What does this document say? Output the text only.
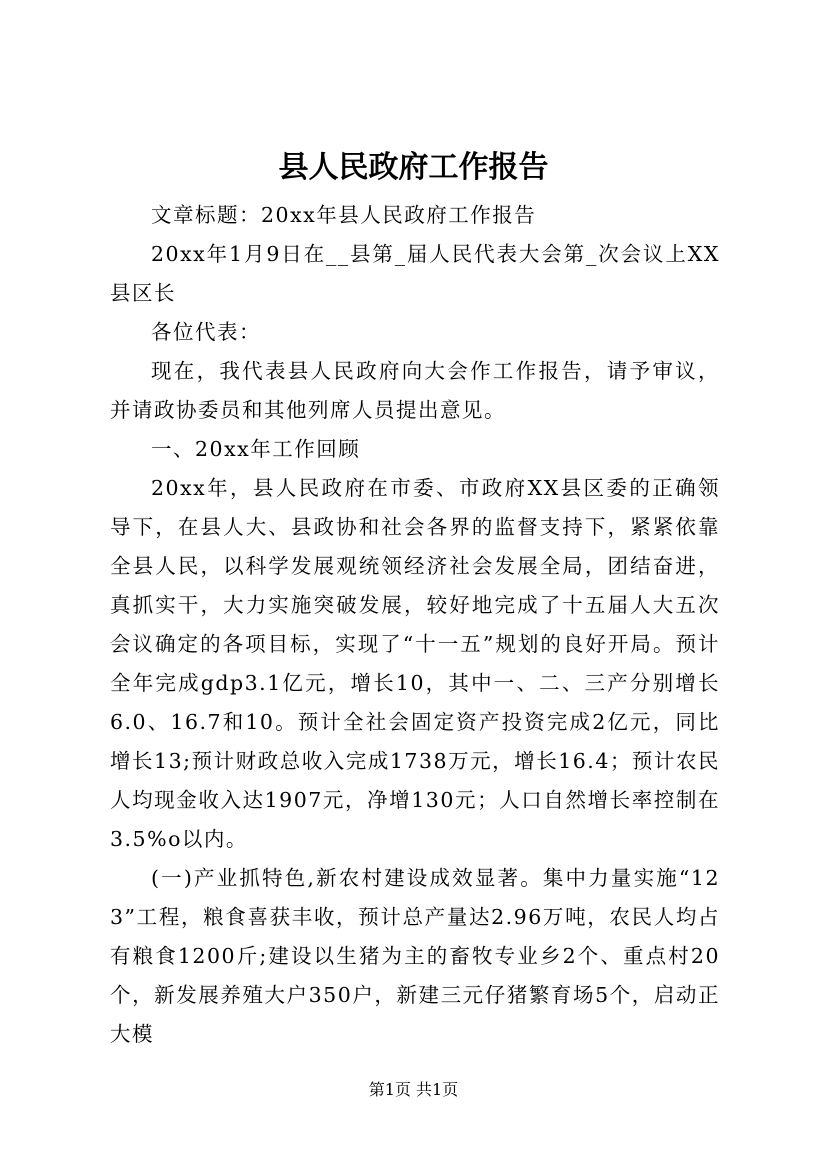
县人民政府工作报告

文章标题：20xx年县人民政府工作报告

20xx年1月9日在__县第_届人民代表大会第_次会议上XX县区长

各位代表：

现在，我代表县人民政府向大会作工作报告，请予审议，并请政协委员和其他列席人员提出意见。

一、20xx年工作回顾

20xx年，县人民政府在市委、市政府XX县区委的正确领导下，在县人大、县政协和社会各界的监督支持下，紧紧依靠全县人民，以科学发展观统领经济社会发展全局，团结奋进，真抓实干，大力实施突破发展，较好地完成了十五届人大五次会议确定的各项目标，实现了“十一五”规划的良好开局。预计全年完成gdp3.1亿元，增长10，其中一、二、三产分别增长6.0、16.7和10。预计全社会固定资产投资完成2亿元，同比增长13;预计财政总收入完成1738万元，增长16.4；预计农民人均现金收入达1907元，净增130元；人口自然增长率控制在3.5%o以内。

(一)产业抓特色,新农村建设成效显著。集中力量实施“123”工程，粮食喜获丰收，预计总产量达2.96万吨，农民人均占有粮食1200斤;建设以生猪为主的畜牧专业乡2个、重点村20个，新发展养殖大户350户，新建三元仔猪繁育场5个，启动正大模

第1页 共1页
